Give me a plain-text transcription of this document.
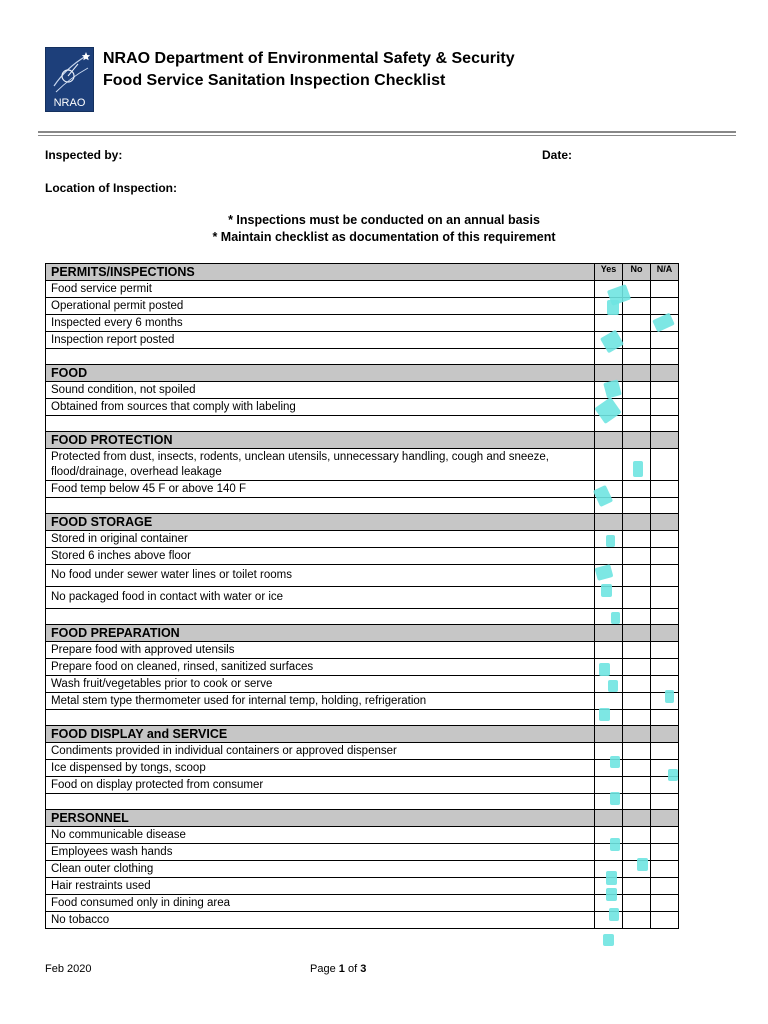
NRAO
NRAO Department of Environmental Safety & Security
Food Service Sanitation Inspection Checklist
Inspected by:	Date:
Location of Inspection:
* Inspections must be conducted on an annual basis
* Maintain checklist as documentation of this requirement
PERMITS/INSPECTIONS	Yes	No	N/A
Food service permit			
Operational permit posted			
Inspected every 6 months			
Inspection report posted			

FOOD			
Sound condition, not spoiled			
Obtained from sources that comply with labeling			

FOOD PROTECTION			
Protected from dust, insects, rodents, unclean utensils, unnecessary handling, cough and sneeze, flood/drainage, overhead leakage			
Food temp below 45 F or above 140 F			

FOOD STORAGE			
Stored in original container			
Stored 6 inches above floor			
No food under sewer water lines or toilet rooms			
No packaged food in contact with water or ice			

FOOD PREPARATION			
Prepare food with approved utensils			
Prepare food on cleaned, rinsed, sanitized surfaces			
Wash fruit/vegetables prior to cook or serve			
Metal stem type thermometer used for internal temp, holding, refrigeration			

FOOD DISPLAY and SERVICE			
Condiments provided in individual containers or approved dispenser			
Ice dispensed by tongs, scoop			
Food on display protected from consumer			

PERSONNEL			
No communicable disease			
Employees wash hands			
Clean outer clothing			
Hair restraints used			
Food consumed only in dining area			
No tobacco			
Feb 2020	Page 1 of 3
